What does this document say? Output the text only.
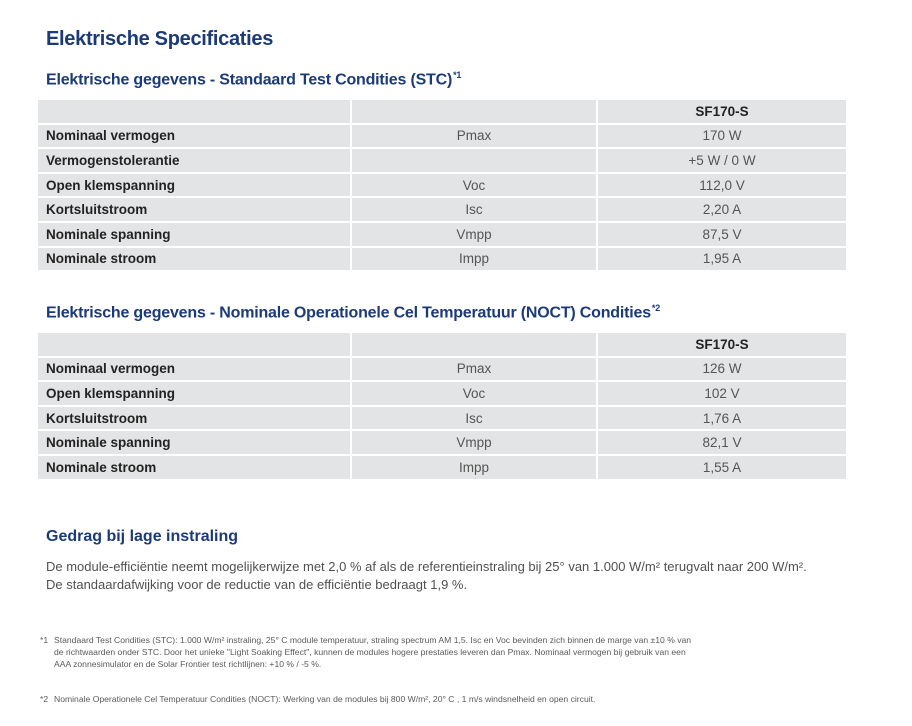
Elektrische Specificaties
Elektrische gegevens - Standaard Test Condities (STC)$^{*1}$
		SF170-S
Nominaal vermogen	Pmax	170 W
Vermogenstolerantie		+5 W / 0 W
Open klemspanning	Voc	112,0 V
Kortsluitstroom	Isc	2,20 A
Nominale spanning	Vmpp	87,5 V
Nominale stroom	Impp	1,95 A
Elektrische gegevens - Nominale Operationele Cel Temperatuur (NOCT) Condities$^{*2}$
		SF170-S
Nominaal vermogen	Pmax	126 W
Open klemspanning	Voc	102 V
Kortsluitstroom	Isc	1,76 A
Nominale spanning	Vmpp	82,1 V
Nominale stroom	Impp	1,55 A
Gedrag bij lage instraling

De module-efficiëntie neemt mogelijkerwijze met 2,0 % af als de referentieinstraling bij 25° van 1.000 W/m² terugvalt naar 200 W/m².
De standaardafwijking voor de reductie van de efficiëntie bedraagt 1,9 %.

*1 Standaard Test Condities (STC): 1.000 W/m² instraling, 25° C module temperatuur, straling spectrum AM 1,5. Isc en Voc bevinden zich binnen de marge van ±10 % van
de richtwaarden onder STC. Door het unieke "Light Soaking Effect", kunnen de modules hogere prestaties leveren dan Pmax. Nominaal vermogen bij gebruik van een
AAA zonnesimulator en de Solar Frontier test richtlijnen: +10 % / -5 %.

*2 Nominale Operationele Cel Temperatuur Condities (NOCT): Werking van de modules bij 800 W/m², 20° C , 1 m/s windsnelheid en open circuit.
